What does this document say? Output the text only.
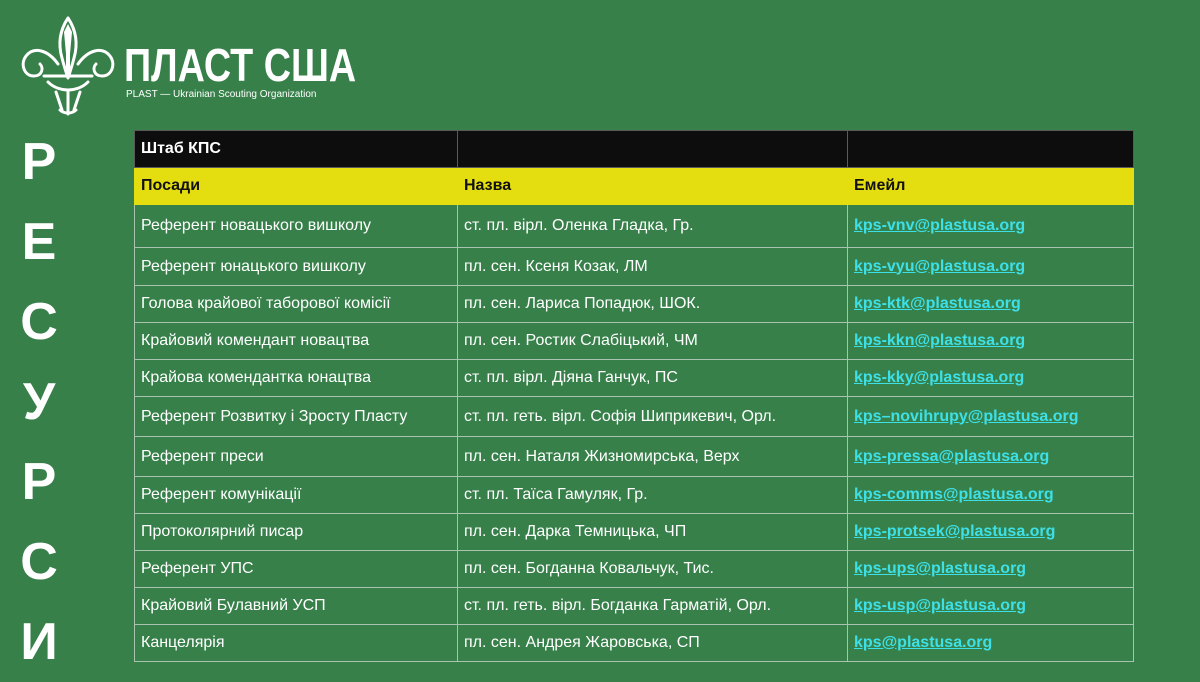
ПЛАСТ США
PLAST — Ukrainian Scouting Organization
Р
Е
С
У
Р
С
И
Штаб КПС		
Посади	Назва	Емейл
Референт новацького вишколу	ст. пл. вірл. Оленка Гладка, Гр.	kps-vnv@plastusa.org
Референт юнацького вишколу	пл. сен. Ксеня Козак, ЛМ	kps-vyu@plastusa.org
Голова крайової таборової комісії	пл. сен. Лариса Попадюк, ШОК.	kps-ktk@plastusa.org
Крайовий комендант новацтва	пл. сен. Ростик Слабіцький, ЧМ	kps-kkn@plastusa.org
Крайова комендантка юнацтва	ст. пл. вірл. Діяна Ганчук, ПС	kps-kky@plastusa.org
Референт Розвитку і Зросту Пласту	ст. пл. геть. вірл. Софія Шиприкевич, Орл.	kps–novihrupy@plastusa.org
Референт преси	пл. сен. Наталя Жизномирська, Верх	kps-pressa@plastusa.org
Референт комунікації	ст. пл. Таїса Гамуляк, Гр.	kps-comms@plastusa.org
Протоколярний писар	пл. сен. Дарка Темницька, ЧП	kps-protsek@plastusa.org
Референт УПС	пл. сен. Богданна Ковальчук, Тис.	kps-ups@plastusa.org
Крайовий Булавний УСП	ст. пл. геть. вірл. Богданка Гарматій, Орл.	kps-usp@plastusa.org
Канцелярія	пл. сен. Андрея Жаровська, СП	kps@plastusa.org
